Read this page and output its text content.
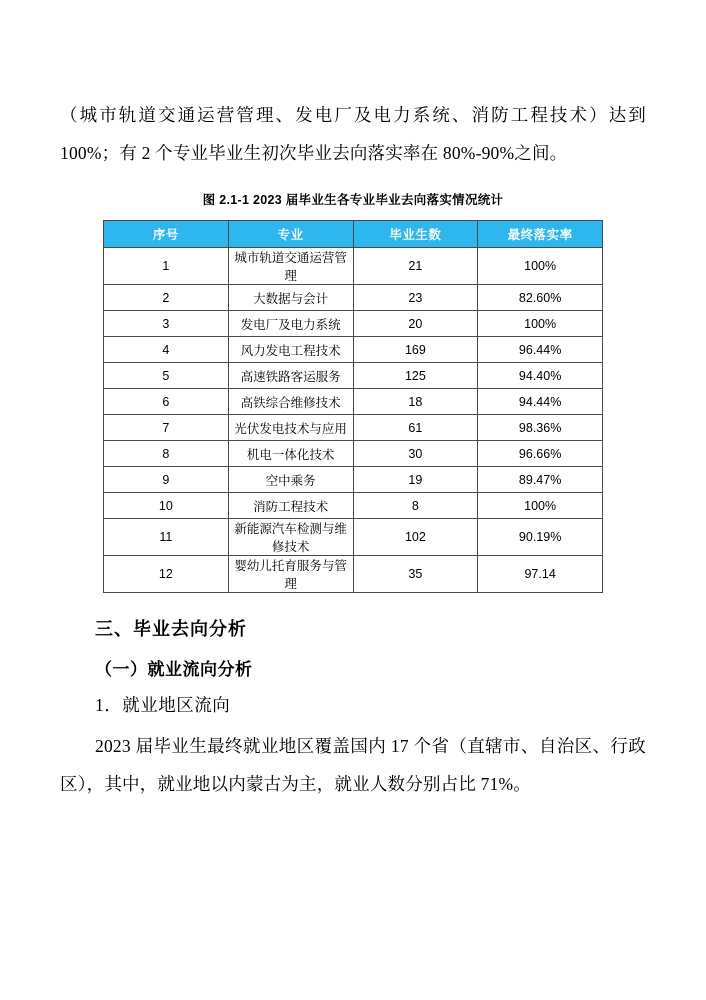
（城市轨道交通运营管理、发电厂及电力系统、消防工程技术）达到 100%；有 2 个专业毕业生初次毕业去向落实率在 80%-90%之间。

图 2.1-1 2023 届毕业生各专业毕业去向落实情况统计
序号	专业	毕业生数	最终落实率
1	城市轨道交通运营管理	21	100%
2	大数据与会计	23	82.60%
3	发电厂及电力系统	20	100%
4	风力发电工程技术	169	96.44%
5	高速铁路客运服务	125	94.40%
6	高铁综合维修技术	18	94.44%
7	光伏发电技术与应用	61	98.36%
8	机电一体化技术	30	96.66%
9	空中乘务	19	89.47%
10	消防工程技术	8	100%
11	新能源汽车检测与维修技术	102	90.19%
12	婴幼儿托育服务与管理	35	97.14
三、毕业去向分析
（一）就业流向分析
1．就业地区流向

2023 届毕业生最终就业地区覆盖国内 17 个省（直辖市、自治区、行政区），其中，就业地以内蒙古为主，就业人数分别占比 71%。
